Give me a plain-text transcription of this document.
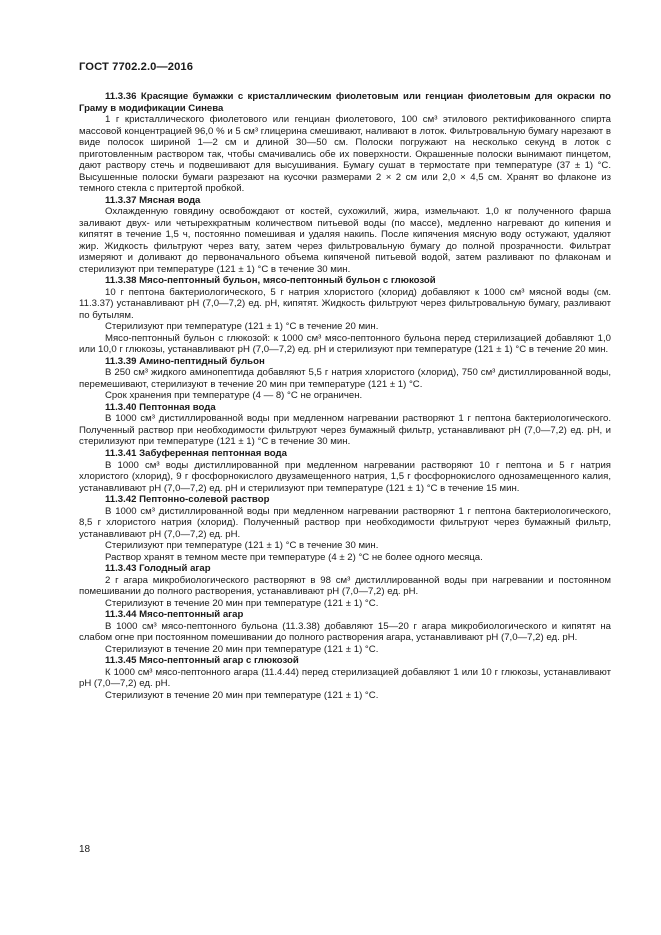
ГОСТ 7702.2.0—2016

11.3.36 Красящие бумажки с кристаллическим фиолетовым или генциан фиолетовым для окраски по Граму в модификации Синева

1 г кристаллического фиолетового или генциан фиолетового, 100 см³ этилового ректификованного спирта массовой концентрацией 96,0 % и 5 см³ глицерина смешивают, наливают в лоток. Фильтровальную бумагу нарезают в виде полосок шириной 1—2 см и длиной 30—50 см. Полоски погружают на несколько секунд в лоток с приготовленным раствором так, чтобы смачивались обе их поверхности. Окрашенные полоски вынимают пинцетом, дают раствору стечь и подвешивают для высушивания. Бумагу сушат в термостате при температуре (37 ± 1) °С. Высушенные полоски бумаги разрезают на кусочки размерами 2 × 2 см или 2,0 × 4,5 см. Хранят во флаконе из темного стекла с притертой пробкой.

11.3.37 Мясная вода

Охлажденную говядину освобождают от костей, сухожилий, жира, измельчают. 1,0 кг полученного фарша заливают двух- или четырехкратным количеством питьевой воды (по массе), медленно нагревают до кипения и кипятят в течение 1,5 ч, постоянно помешивая и удаляя накипь. После кипячения мясную воду остужают, удаляют жир. Жидкость фильтруют через вату, затем через фильтровальную бумагу до полной прозрачности. Фильтрат измеряют и доливают до первоначального объема кипяченой питьевой водой, затем разливают по флаконам и стерилизуют при температуре (121 ± 1) °С в течение 30 мин.

11.3.38 Мясо-пептонный бульон, мясо-пептонный бульон с глюкозой

10 г пептона бактериологического, 5 г натрия хлористого (хлорид) добавляют к 1000 см³ мясной воды (см. 11.3.37) устанавливают рН (7,0—7,2) ед. рН, кипятят. Жидкость фильтруют через фильтровальную бумагу, разливают по бутылям.

Стерилизуют при температуре (121 ± 1) °С в течение 20 мин.

Мясо-пептонный бульон с глюкозой: к 1000 см³ мясо-пептонного бульона перед стерилизацией добавляют 1,0 или 10,0 г глюкозы, устанавливают рН (7,0—7,2) ед. рН и стерилизуют при температуре (121 ± 1) °С в течение 20 мин.

11.3.39 Амино-пептидный бульон

В 250 см³ жидкого аминопептида добавляют 5,5 г натрия хлористого (хлорид), 750 см³ дистиллированной воды, перемешивают, стерилизуют в течение 20 мин при температуре (121 ± 1) °С.

Срок хранения при температуре (4 — 8) °С не ограничен.

11.3.40 Пептонная вода

В 1000 см³ дистиллированной воды при медленном нагревании растворяют 1 г пептона бактериологического. Полученный раствор при необходимости фильтруют через бумажный фильтр, устанавливают рН (7,0—7,2) ед. рН, и стерилизуют при температуре (121 ± 1) °С в течение 30 мин.

11.3.41 Забуференная пептонная вода

В 1000 см³ воды дистиллированной при медленном нагревании растворяют 10 г пептона и 5 г натрия хлористого (хлорид), 9 г фосфорнокислого двузамещенного натрия, 1,5 г фосфорнокислого однозамещенного калия, устанавливают рН (7,0—7,2) ед. рН и стерилизуют при температуре (121 ± 1) °С в течение 15 мин.

11.3.42 Пептонно-солевой раствор

В 1000 см³ дистиллированной воды при медленном нагревании растворяют 1 г пептона бактериологического, 8,5 г хлористого натрия (хлорид). Полученный раствор при необходимости фильтруют через бумажный фильтр, устанавливают рН (7,0—7,2) ед. рН.

Стерилизуют при температуре (121 ± 1) °С в течение 30 мин.

Раствор хранят в темном месте при температуре (4 ± 2) °С не более одного месяца.

11.3.43 Голодный агар

2 г агара микробиологического растворяют в 98 см³ дистиллированной воды при нагревании и постоянном помешивании до полного растворения, устанавливают рН (7,0—7,2) ед. рН.

Стерилизуют в течение 20 мин при температуре (121 ± 1) °С.

11.3.44 Мясо-пептонный агар

В 1000 см³ мясо-пептонного бульона (11.3.38) добавляют 15—20 г агара микробиологического и кипятят на слабом огне при постоянном помешивании до полного растворения агара, устанавливают рН (7,0—7,2) ед. рН.

Стерилизуют в течение 20 мин при температуре (121 ± 1) °С.

11.3.45 Мясо-пептонный агар с глюкозой

К 1000 см³ мясо-пептонного агара (11.4.44) перед стерилизацией добавляют 1 или 10 г глюкозы, устанавливают рН (7,0—7,2) ед. рН.

Стерилизуют в течение 20 мин при температуре (121 ± 1) °С.

18
